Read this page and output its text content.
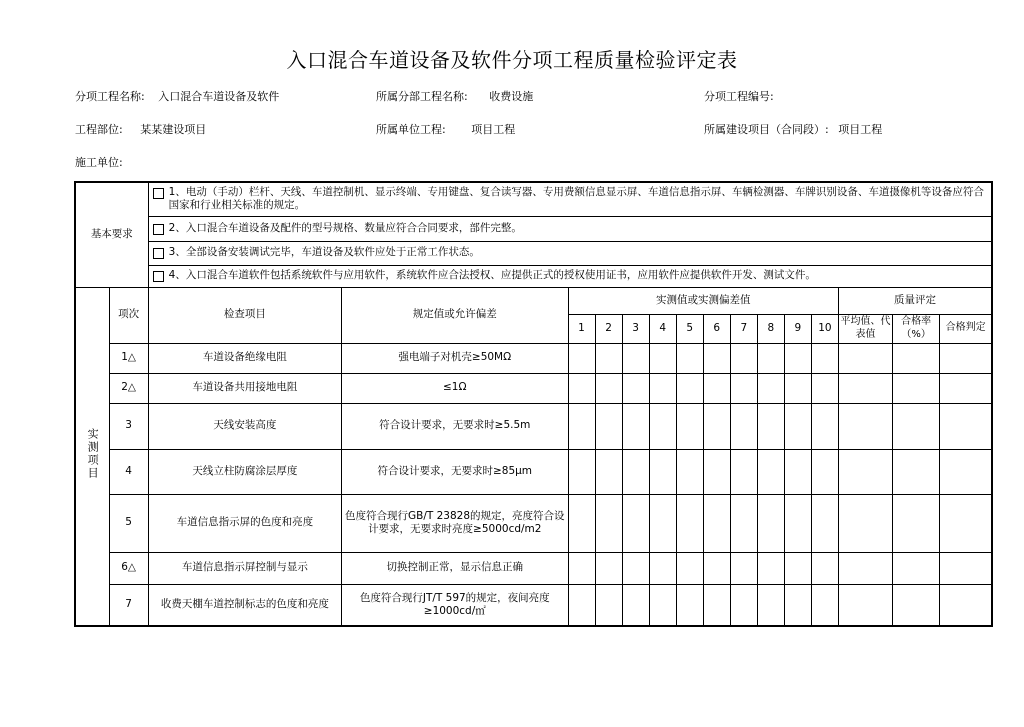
入口混合车道设备及软件分项工程质量检验评定表
分项工程名称: 入口混合车道设备及软件	所属分部工程名称: 收费设施	分项工程编号:
工程部位: 某某建设项目	所属单位工程: 项目工程	所属建设项目（合同段）: 项目工程
施工单位:
基本要求		1、电动（手动）栏杆、天线、车道控制机、显示终端、专用键盘、复合读写器、专用费额信息显示屏、车道信息指示屏、车辆检测器、车牌识别设备、车道摄像机等设备应符合国家和行业相关标准的规定。														

		2、入口混合车道设备及配件的型号规格、数量应符合合同要求，部件完整。														

		3、全部设备安装调试完毕，车道设备及软件应处于正常工作状态。														

		4、入口混合车道软件包括系统软件与应用软件，系统软件应合法授权、应提供正式的授权使用证书，应用软件应提供软件开发、测试文件。														

实测项目	项次	检查项目	规定值或允许偏差	实测值或实测偏差值										质量评定		
				1	2	3	4	5	6	7	8	9	10	平均值、代表值	合格率（%）	合格判定
	1△	车道设备绝缘电阻	强电端子对机壳≥50MΩ													
	2△	车道设备共用接地电阻	≤1Ω													
	3	天线安装高度	符合设计要求，无要求时≥5.5m													
	4	天线立柱防腐涂层厚度	符合设计要求，无要求时≥85μm													
	5	车道信息指示屏的色度和亮度	色度符合现行GB/T 23828的规定，亮度符合设计要求，无要求时亮度≥5000cd/m2													
	6△	车道信息指示屏控制与显示	切换控制正常，显示信息正确													
	7	收费天棚车道控制标志的色度和亮度	色度符合现行JT/T 597的规定，夜间亮度≥1000cd/㎡													
